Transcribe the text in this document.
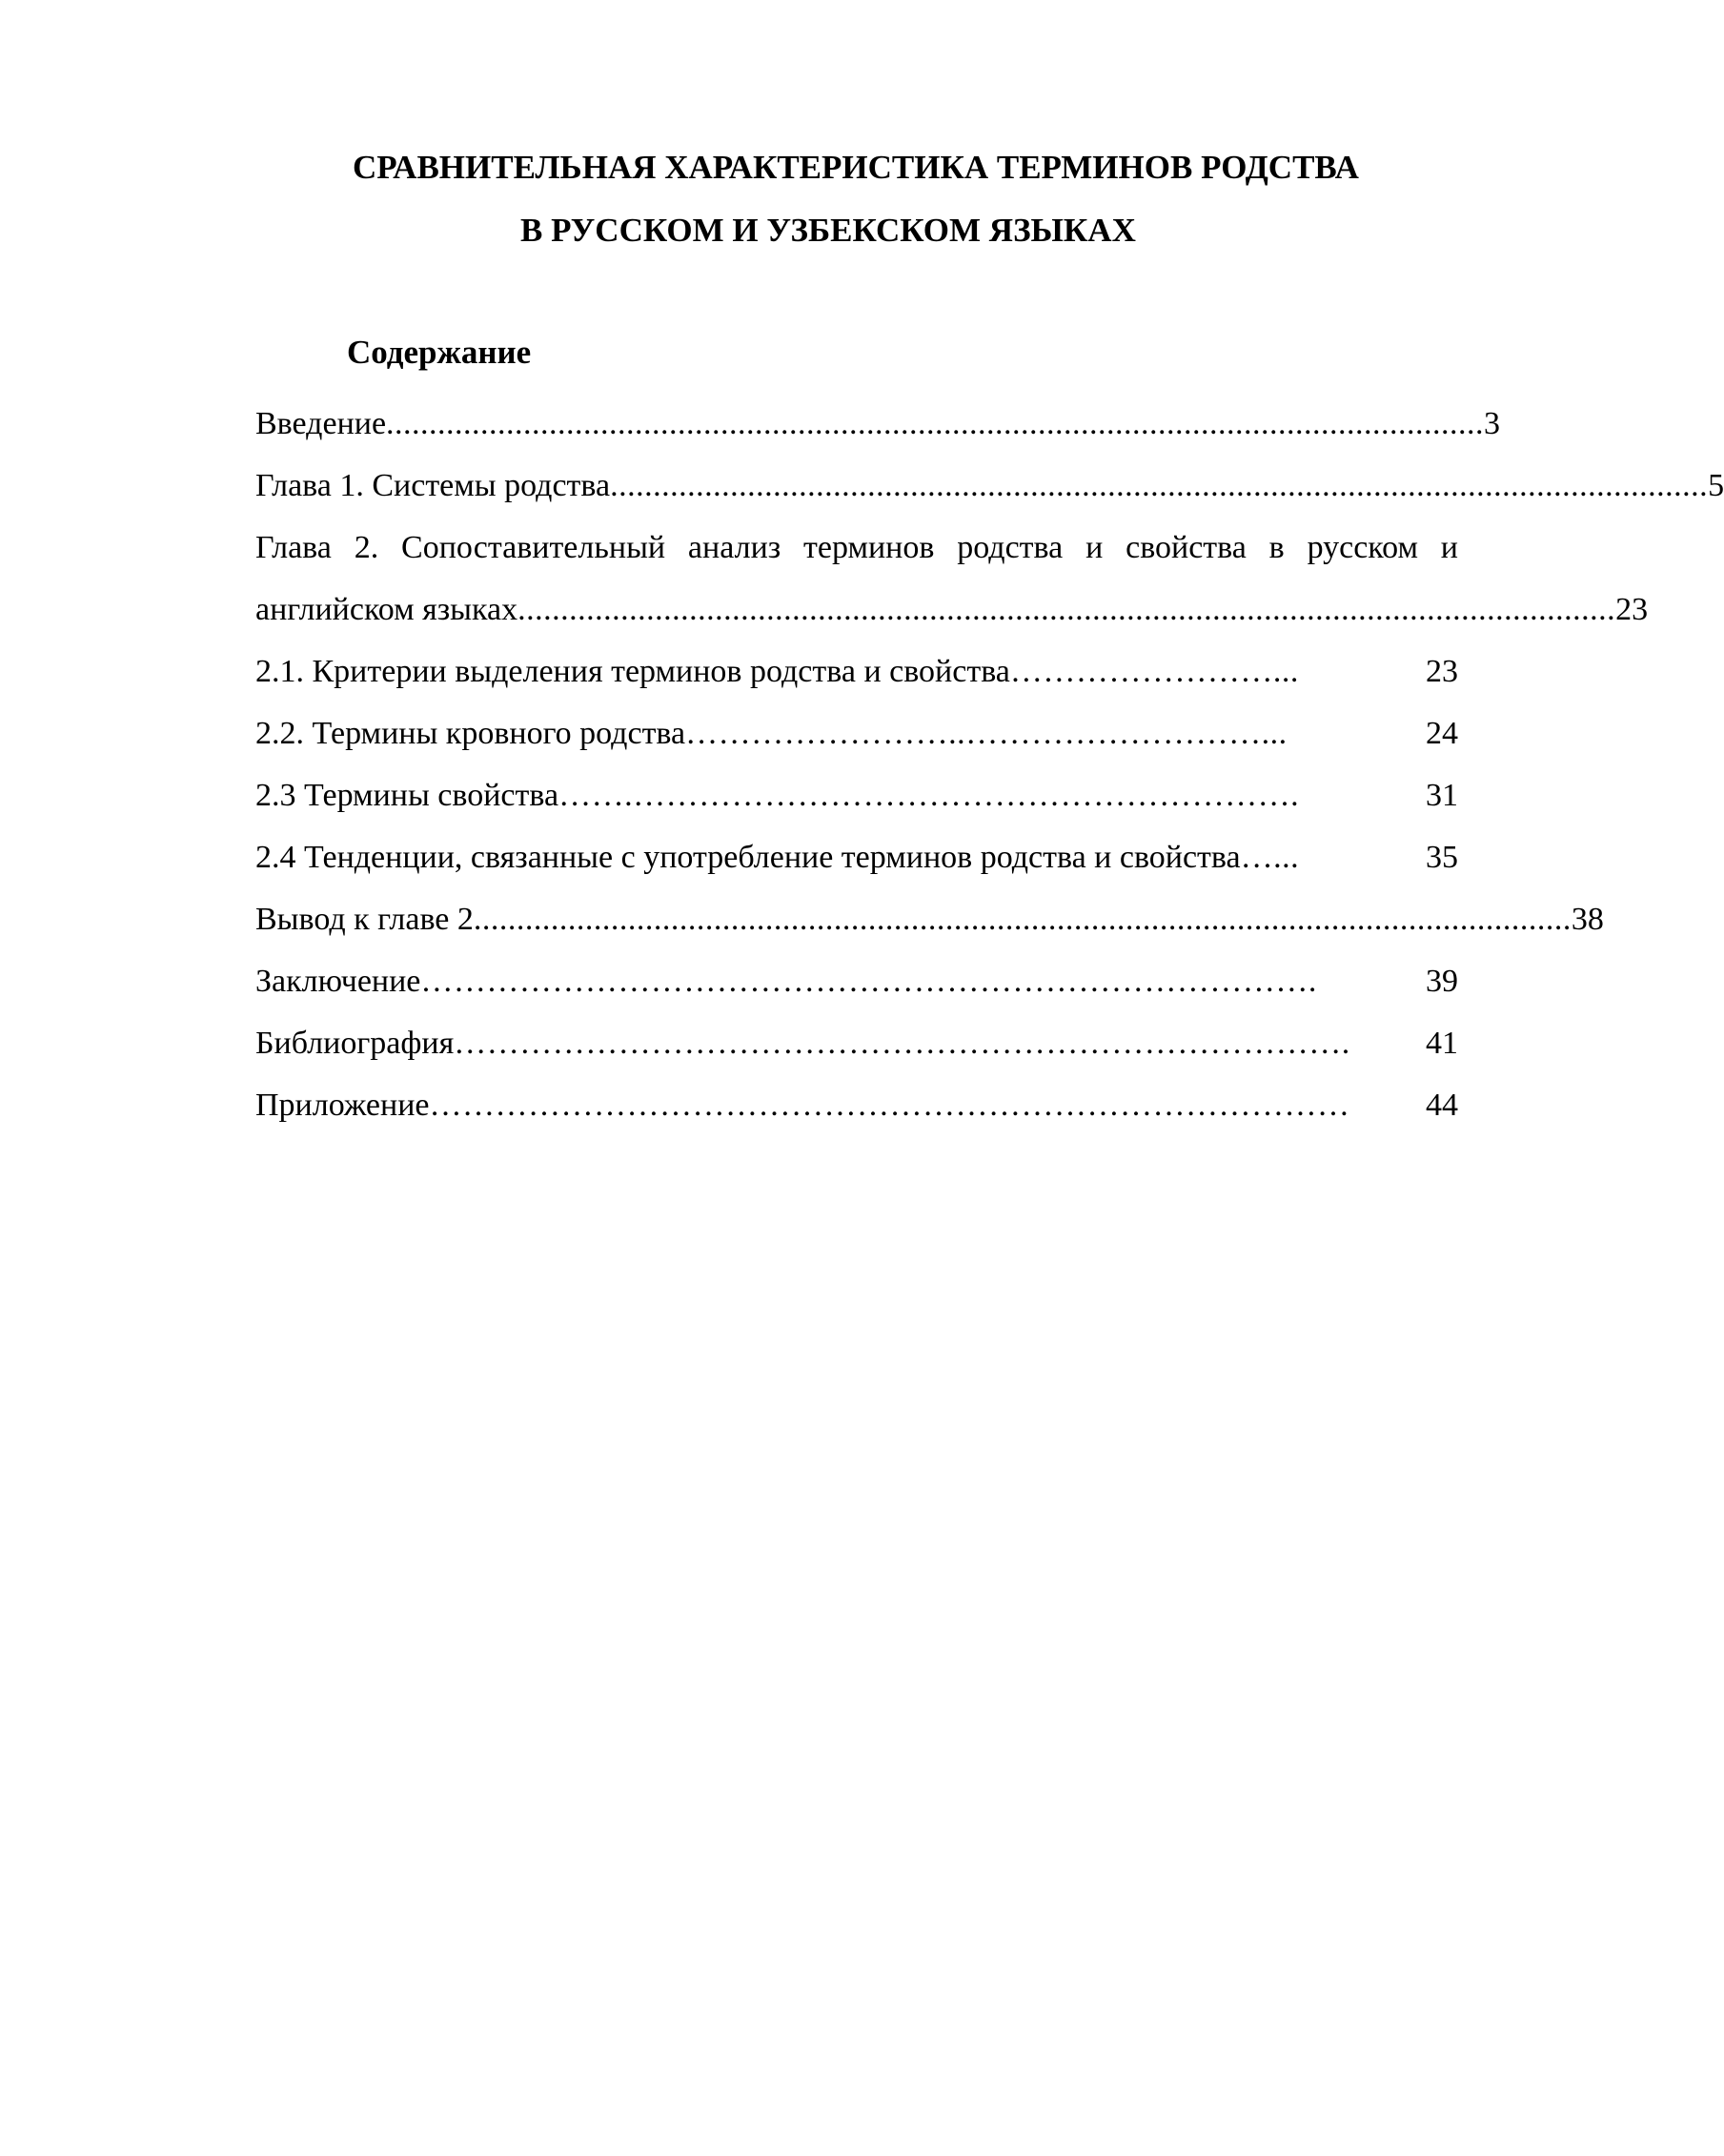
СРАВНИТЕЛЬНАЯ ХАРАКТЕРИСТИКА ТЕРМИНОВ РОДСТВА
В РУССКОМ И УЗБЕКСКОМ ЯЗЫКАХ
Содержание
Введение ................................................................................................................................ 3
Глава 1. Системы родства ................................................................................................................................ 5
Глава 2. Сопоставительный анализ терминов родства и свойства в русском и
английском языках ................................................................................................................................ 23
2.1. Критерии выделения терминов родства и свойства ……………………...	23
2.2. Термины кровного родства ……………………..………………………...	24
2.3 Термины свойства …….…………………………………………………….	31
2.4 Тенденции, связанные с употребление терминов родства и свойства …...	35
Вывод к главе 2 ................................................................................................................................ 38
Заключение ……………………………………………………………………….	39
Библиография ……………………………………………………………………….	41
Приложение …………………………………………………………………………	44
